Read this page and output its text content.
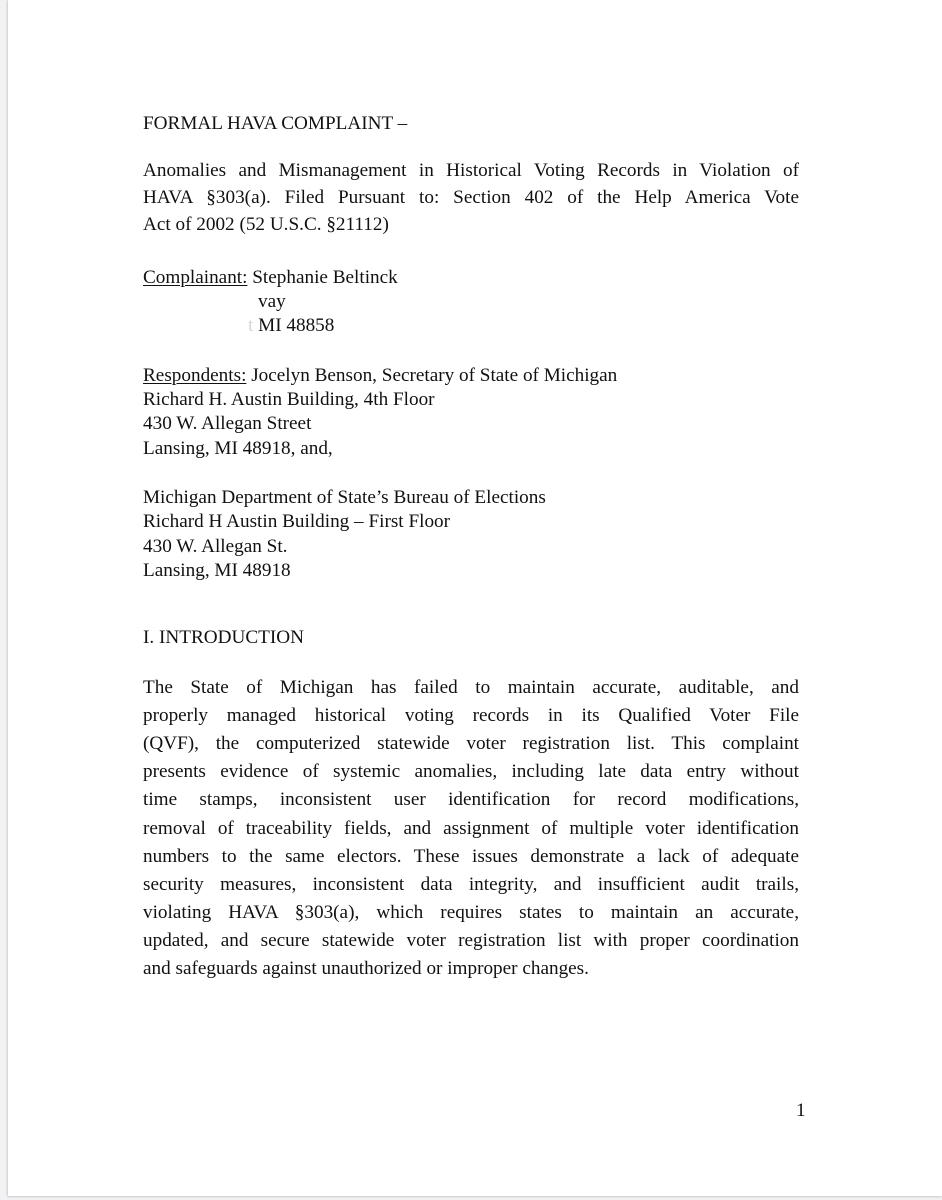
FORMAL HAVA COMPLAINT –
Anomalies and Mismanagement in Historical Voting Records in Violation of
HAVA §303(a). Filed Pursuant to: Section 402 of the Help America Vote
Act of 2002 (52 U.S.C. §21112)
Complainant: Stephanie Beltinck
vay
t MI 48858
Respondents: Jocelyn Benson, Secretary of State of Michigan
Richard H. Austin Building, 4th Floor
430 W. Allegan Street
Lansing, MI 48918, and,
Michigan Department of State’s Bureau of Elections
Richard H Austin Building – First Floor
430 W. Allegan St.
Lansing, MI 48918
I. INTRODUCTION
The State of Michigan has failed to maintain accurate, auditable, and
properly managed historical voting records in its Qualified Voter File
(QVF), the computerized statewide voter registration list. This complaint
presents evidence of systemic anomalies, including late data entry without
time stamps, inconsistent user identification for record modifications,
removal of traceability fields, and assignment of multiple voter identification
numbers to the same electors. These issues demonstrate a lack of adequate
security measures, inconsistent data integrity, and insufficient audit trails,
violating HAVA §303(a), which requires states to maintain an accurate,
updated, and secure statewide voter registration list with proper coordination
and safeguards against unauthorized or improper changes.
1
